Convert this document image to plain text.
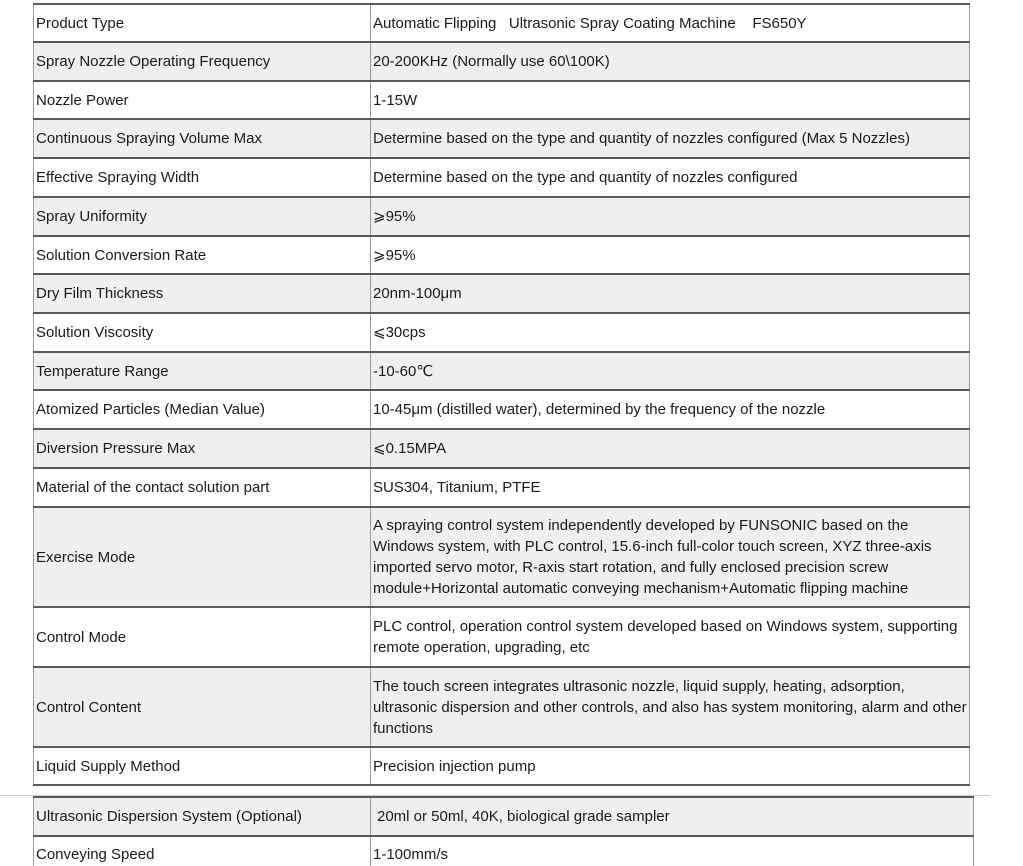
Product Type	Automatic Flipping   Ultrasonic Spray Coating Machine    FS650Y
Spray Nozzle Operating Frequency	20-200KHz (Normally use 60\100K)
Nozzle Power	1-15W
Continuous Spraying Volume Max	Determine based on the type and quantity of nozzles configured (Max 5 Nozzles)
Effective Spraying Width	Determine based on the type and quantity of nozzles configured
Spray Uniformity	⩾95%
Solution Conversion Rate	⩾95%
Dry Film Thickness	20nm-100μm
Solution Viscosity	⩽30cps
Temperature Range	-10-60℃
Atomized Particles (Median Value)	10-45μm (distilled water), determined by the frequency of the nozzle
Diversion Pressure Max	⩽0.15MPA
Material of the contact solution part	SUS304, Titanium, PTFE
Exercise Mode	A spraying control system independently developed by FUNSONIC based on the Windows system, with PLC control, 15.6-inch full-color touch screen, XYZ three-axis imported servo motor, R-axis start rotation, and fully enclosed precision screw module+Horizontal automatic conveying mechanism+Automatic flipping machine
Control Mode	PLC control, operation control system developed based on Windows system, supporting remote operation, upgrading, etc
Control Content	The touch screen integrates ultrasonic nozzle, liquid supply, heating, adsorption, ultrasonic dispersion and other controls, and also has system monitoring, alarm and other functions
Liquid Supply Method	Precision injection pump
Ultrasonic Dispersion System (Optional)	20ml or 50ml, 40K, biological grade sampler
Conveying Speed	1-100mm/s
